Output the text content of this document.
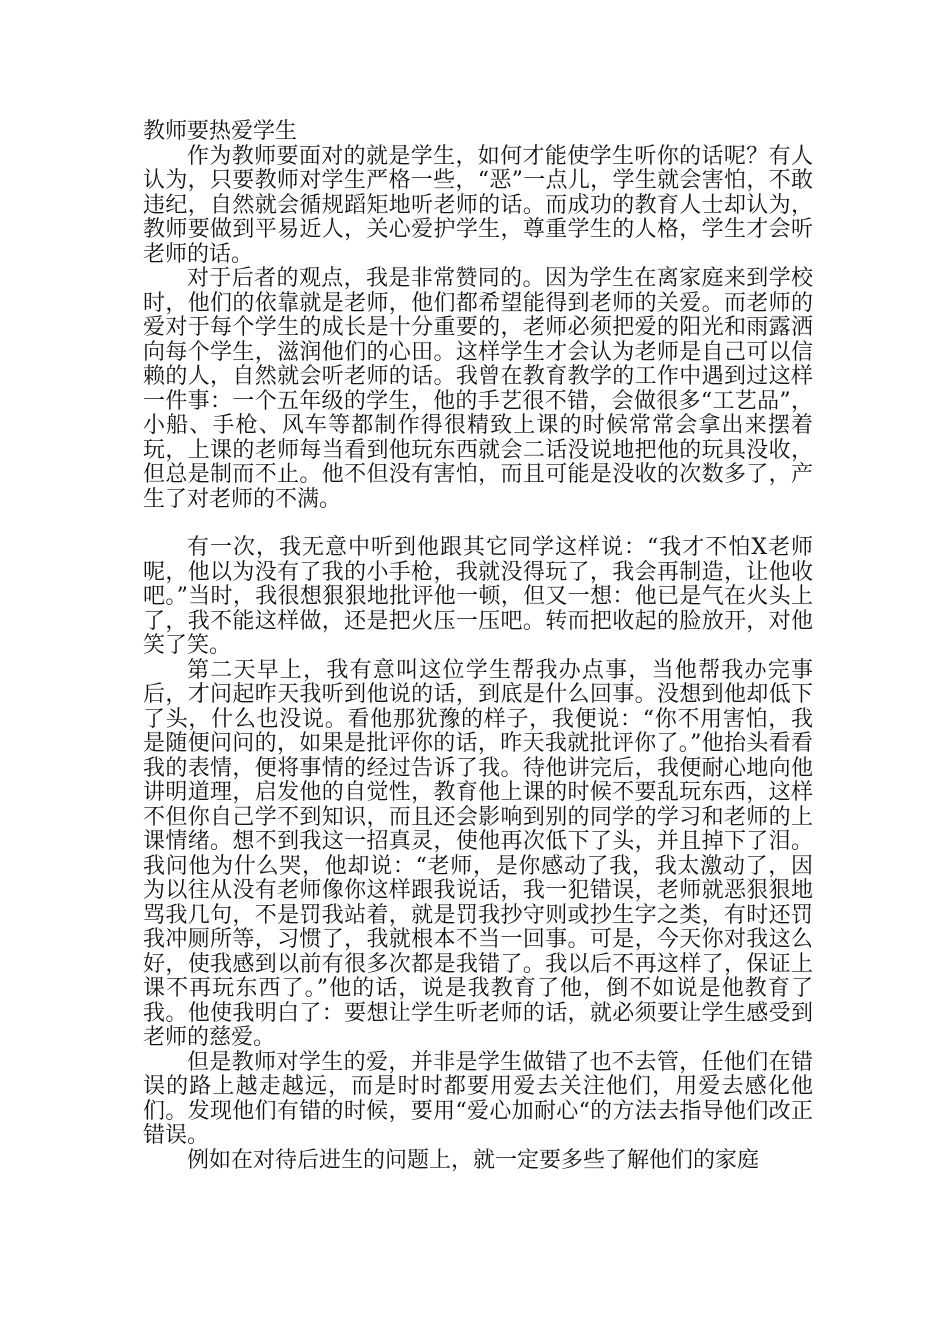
教师要热爱学生

作为教师要面对的就是学生，如何才能使学生听你的话呢？有人认为，只要教师对学生严格一些，“恶”一点儿，学生就会害怕，不敢违纪，自然就会循规蹈矩地听老师的话。而成功的教育人士却认为，教师要做到平易近人，关心爱护学生，尊重学生的人格，学生才会听老师的话。

对于后者的观点，我是非常赞同的。因为学生在离家庭来到学校时，他们的依靠就是老师，他们都希望能得到老师的关爱。而老师的爱对于每个学生的成长是十分重要的，老师必须把爱的阳光和雨露洒向每个学生，滋润他们的心田。这样学生才会认为老师是自己可以信赖的人，自然就会听老师的话。我曾在教育教学的工作中遇到过这样一件事：一个五年级的学生，他的手艺很不错，会做很多“工艺品”，小船、手枪、风车等都制作得很精致上课的时候常常会拿出来摆着玩，上课的老师每当看到他玩东西就会二话没说地把他的玩具没收，但总是制而不止。他不但没有害怕，而且可能是没收的次数多了，产生了对老师的不满。

有一次，我无意中听到他跟其它同学这样说：“我才不怕X老师呢，他以为没有了我的小手枪，我就没得玩了，我会再制造，让他收吧。”当时，我很想狠狠地批评他一顿，但又一想：他已是气在火头上了，我不能这样做，还是把火压一压吧。转而把收起的脸放开，对他笑了笑。

第二天早上，我有意叫这位学生帮我办点事，当他帮我办完事后，才问起昨天我听到他说的话，到底是什么回事。没想到他却低下了头，什么也没说。看他那犹豫的样子，我便说：“你不用害怕，我是随便问问的，如果是批评你的话，昨天我就批评你了。”他抬头看看我的表情，便将事情的经过告诉了我。待他讲完后，我便耐心地向他讲明道理，启发他的自觉性，教育他上课的时候不要乱玩东西，这样不但你自己学不到知识，而且还会影响到别的同学的学习和老师的上课情绪。想不到我这一招真灵，使他再次低下了头，并且掉下了泪。我问他为什么哭，他却说：“老师，是你感动了我，我太激动了，因为以往从没有老师像你这样跟我说话，我一犯错误，老师就恶狠狠地骂我几句，不是罚我站着，就是罚我抄守则或抄生字之类，有时还罚我冲厕所等，习惯了，我就根本不当一回事。可是，今天你对我这么好，使我感到以前有很多次都是我错了。我以后不再这样了，保证上课不再玩东西了。”他的话，说是我教育了他，倒不如说是他教育了我。他使我明白了：要想让学生听老师的话，就必须要让学生感受到老师的慈爱。

但是教师对学生的爱，并非是学生做错了也不去管，任他们在错误的路上越走越远，而是时时都要用爱去关注他们，用爱去感化他们。发现他们有错的时候，要用“爱心加耐心“的方法去指导他们改正错误。

例如在对待后进生的问题上，就一定要多些了解他们的家庭
